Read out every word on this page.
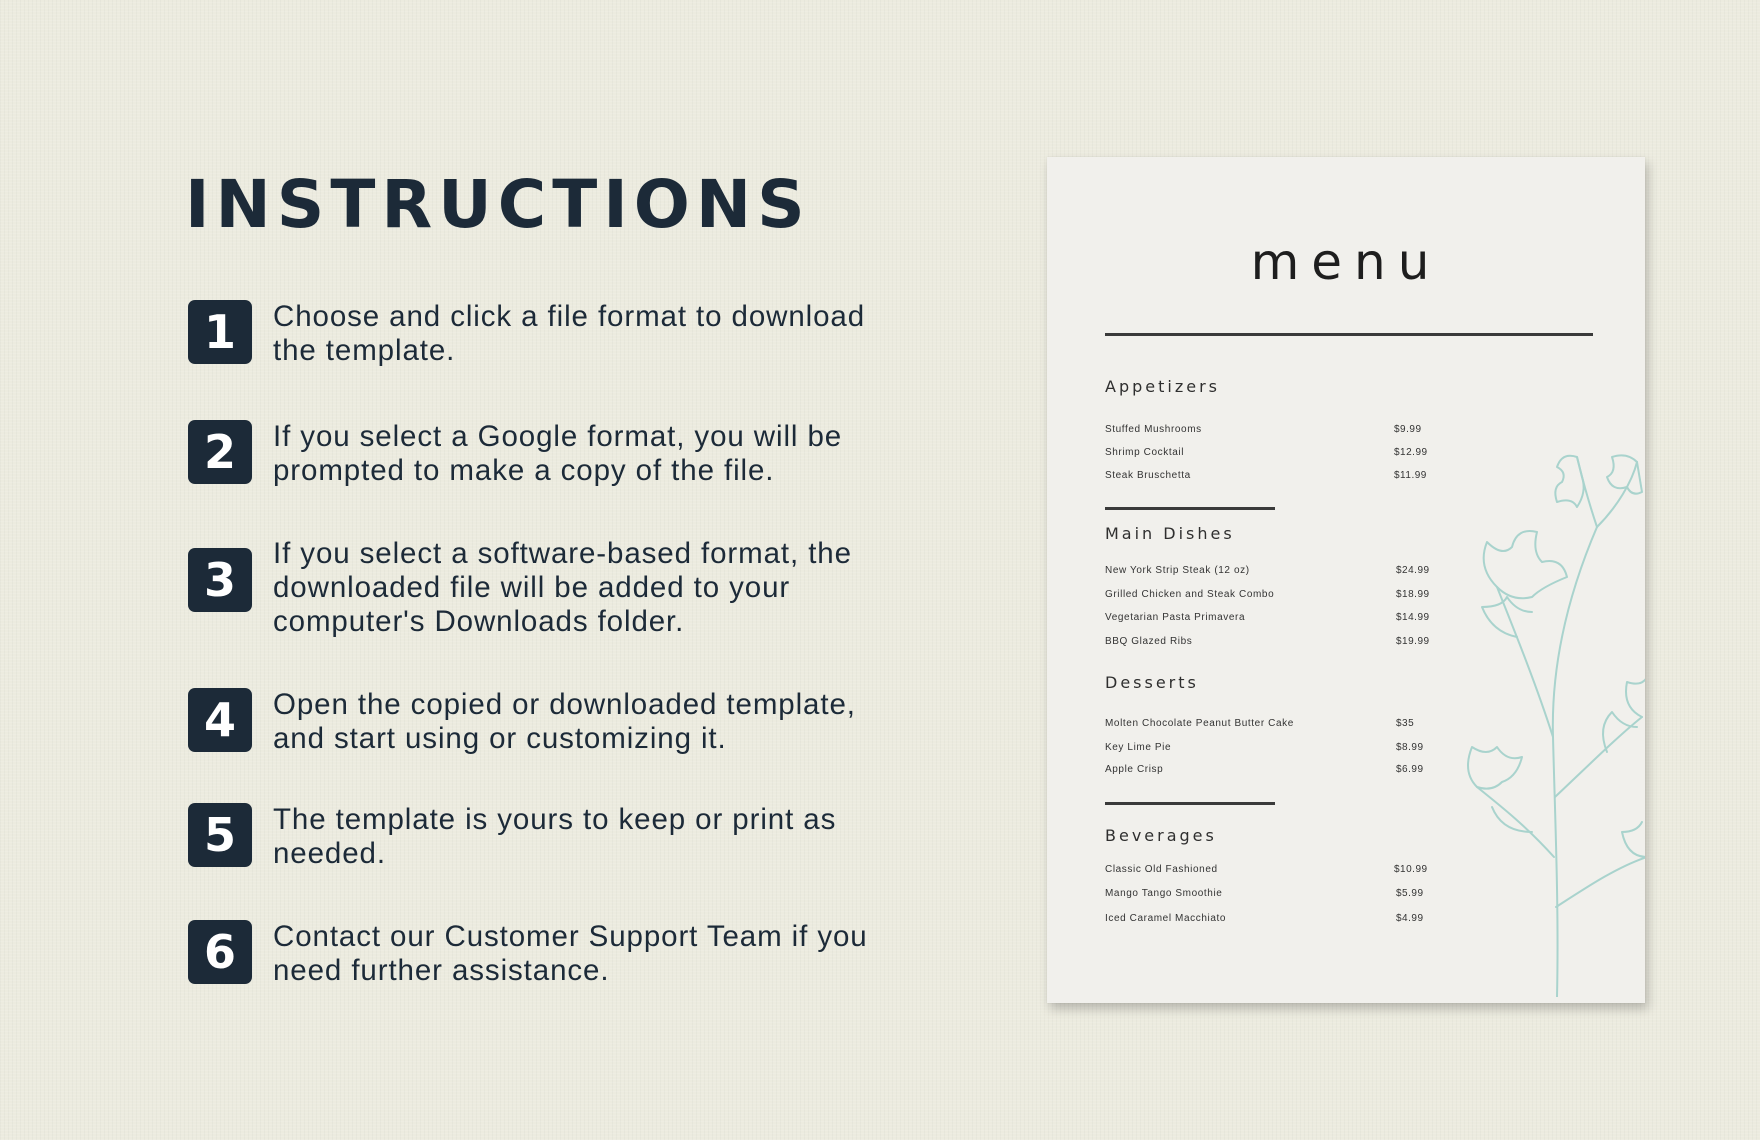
INSTRUCTIONS
1	Choose and click a file format to download the template.
2	If you select a Google format, you will be prompted to make a copy of the file.
3	If you select a software-based format, the downloaded file will be added to your computer's Downloads folder.
4	Open the copied or downloaded template, and start using or customizing it.
5	The template is yours to keep or print as needed.
6	Contact our Customer Support Team if you need further assistance.
menu
Appetizers
Stuffed Mushrooms	$9.99
Shrimp Cocktail	$12.99
Steak Bruschetta	$11.99
Main Dishes
New York Strip Steak (12 oz)	$24.99
Grilled Chicken and Steak Combo	$18.99
Vegetarian Pasta Primavera	$14.99
BBQ Glazed Ribs	$19.99
Desserts
Molten Chocolate Peanut Butter Cake	$35
Key Lime Pie	$8.99
Apple Crisp	$6.99
Beverages
Classic Old Fashioned	$10.99
Mango Tango Smoothie	$5.99
Iced Caramel Macchiato	$4.99
